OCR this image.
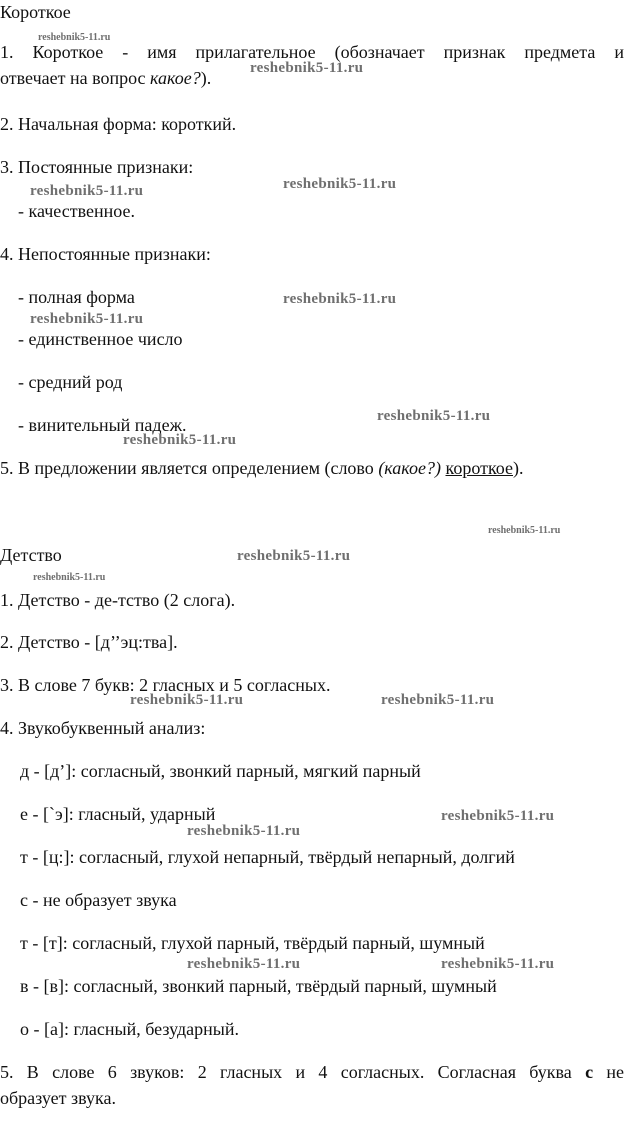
Короткое

1. Короткое - имя прилагательное (обозначает признак предмета и

отвечает на вопрос какое?).

2. Начальная форма: короткий.

3. Постоянные признаки:

- качественное.

4. Непостоянные признаки:

- полная форма

- единственное число

- средний род

- винительный падеж.

5. В предложении является определением (слово (какое?) короткое).

Детство

1. Детство - де-тство (2 слога).

2. Детство - [д’’эц:тва].

3. В слове 7 букв: 2 гласных и 5 согласных.

4. Звукобуквенный анализ:

д - [д’]: согласный, звонкий парный, мягкий парный

е - [`э]: гласный, ударный

т - [ц:]: согласный, глухой непарный, твёрдый непарный, долгий

с - не образует звука

т - [т]: согласный, глухой парный, твёрдый парный, шумный

в - [в]: согласный, звонкий парный, твёрдый парный, шумный

о - [а]: гласный, безударный.

5. В слове 6 звуков: 2 гласных и 4 согласных. Согласная буква с не

образует звука.

reshebnik5-11.ru
reshebnik5-11.ru
reshebnik5-11.ru	reshebnik5-11.ru
reshebnik5-11.ru
reshebnik5-11.ru
reshebnik5-11.ru
reshebnik5-11.ru
reshebnik5-11.ru
reshebnik5-11.ru
reshebnik5-11.ru
reshebnik5-11.ru	reshebnik5-11.ru
reshebnik5-11.ru
reshebnik5-11.ru
reshebnik5-11.ru	reshebnik5-11.ru
